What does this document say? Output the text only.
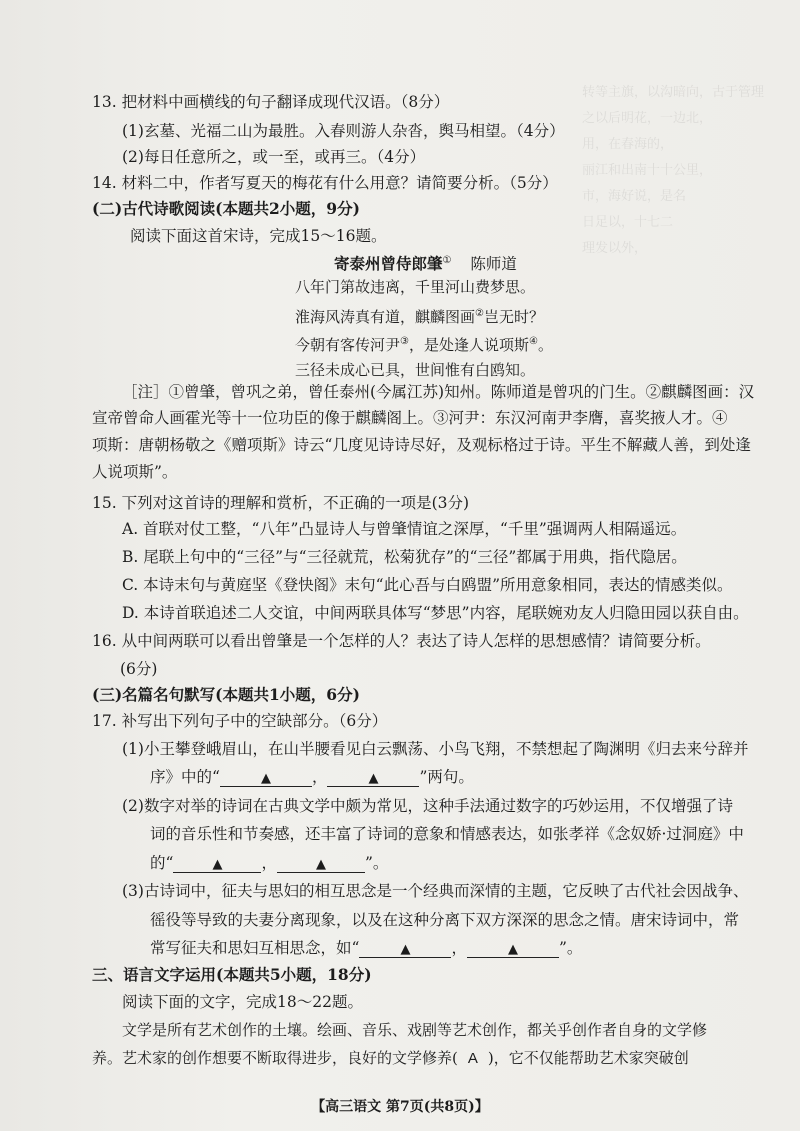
转等主旗，以沟暗向，古于管理
之以后明花，一边北，
用，在春海的，
丽江和出南十十公里，
市，海好说，是名
日足以，十七二
理发以外，
13. 把材料中画横线的句子翻译成现代汉语。（8分）
(1)玄墓、光福二山为最胜。入春则游人杂沓，舆马相望。（4分）
(2)每日任意所之，或一至，或再三。（4分）
14. 材料二中，作者写夏天的梅花有什么用意？请简要分析。（5分）
(二)古代诗歌阅读(本题共2小题，9分)
阅读下面这首宋诗，完成15～16题。
寄泰州曾侍郎肇① 陈师道
八年门第故违离，千里河山费梦思。
淮海风涛真有道，麒麟图画②岂无时？
今朝有客传河尹③，是处逢人说项斯④。
三径未成心已具，世间惟有白鸥知。
［注］①曾肇，曾巩之弟，曾任泰州(今属江苏)知州。陈师道是曾巩的门生。②麒麟图画：汉
宣帝曾命人画霍光等十一位功臣的像于麒麟阁上。③河尹：东汉河南尹李膺，喜奖掖人才。④
项斯：唐朝杨敬之《赠项斯》诗云“几度见诗诗尽好，及观标格过于诗。平生不解藏人善，到处逢
人说项斯”。
15. 下列对这首诗的理解和赏析，不正确的一项是(3分)
A. 首联对仗工整，“八年”凸显诗人与曾肇情谊之深厚，“千里”强调两人相隔遥远。
B. 尾联上句中的“三径”与“三径就荒，松菊犹存”的“三径”都属于用典，指代隐居。
C. 本诗末句与黄庭坚《登快阁》末句“此心吾与白鸥盟”所用意象相同，表达的情感类似。
D. 本诗首联追述二人交谊，中间两联具体写“梦思”内容，尾联婉劝友人归隐田园以获自由。
16. 从中间两联可以看出曾肇是一个怎样的人？表达了诗人怎样的思想感情？请简要分析。
(6分)
(三)名篇名句默写(本题共1小题，6分)
17. 补写出下列句子中的空缺部分。（6分）
(1)小王攀登峨眉山，在山半腰看见白云飘荡、小鸟飞翔，不禁想起了陶渊明《归去来兮辞并
序》中的“	▲	，	▲	”两句。
(2)数字对举的诗词在古典文学中颇为常见，这种手法通过数字的巧妙运用，不仅增强了诗
词的音乐性和节奏感，还丰富了诗词的意象和情感表达，如张孝祥《念奴娇·过洞庭》中
的“	▲	，	▲	”。
(3)古诗词中，征夫与思妇的相互思念是一个经典而深情的主题，它反映了古代社会因战争、
徭役等导致的夫妻分离现象，以及在这种分离下双方深深的思念之情。唐宋诗词中，常
常写征夫和思妇互相思念，如“	▲	，	▲	”。
三、语言文字运用(本题共5小题，18分)
阅读下面的文字，完成18～22题。
文学是所有艺术创作的土壤。绘画、音乐、戏剧等艺术创作，都关乎创作者自身的文学修
养。艺术家的创作想要不断取得进步，良好的文学修养( A )，它不仅能帮助艺术家突破创
【高三语文 第7页(共8页)】
